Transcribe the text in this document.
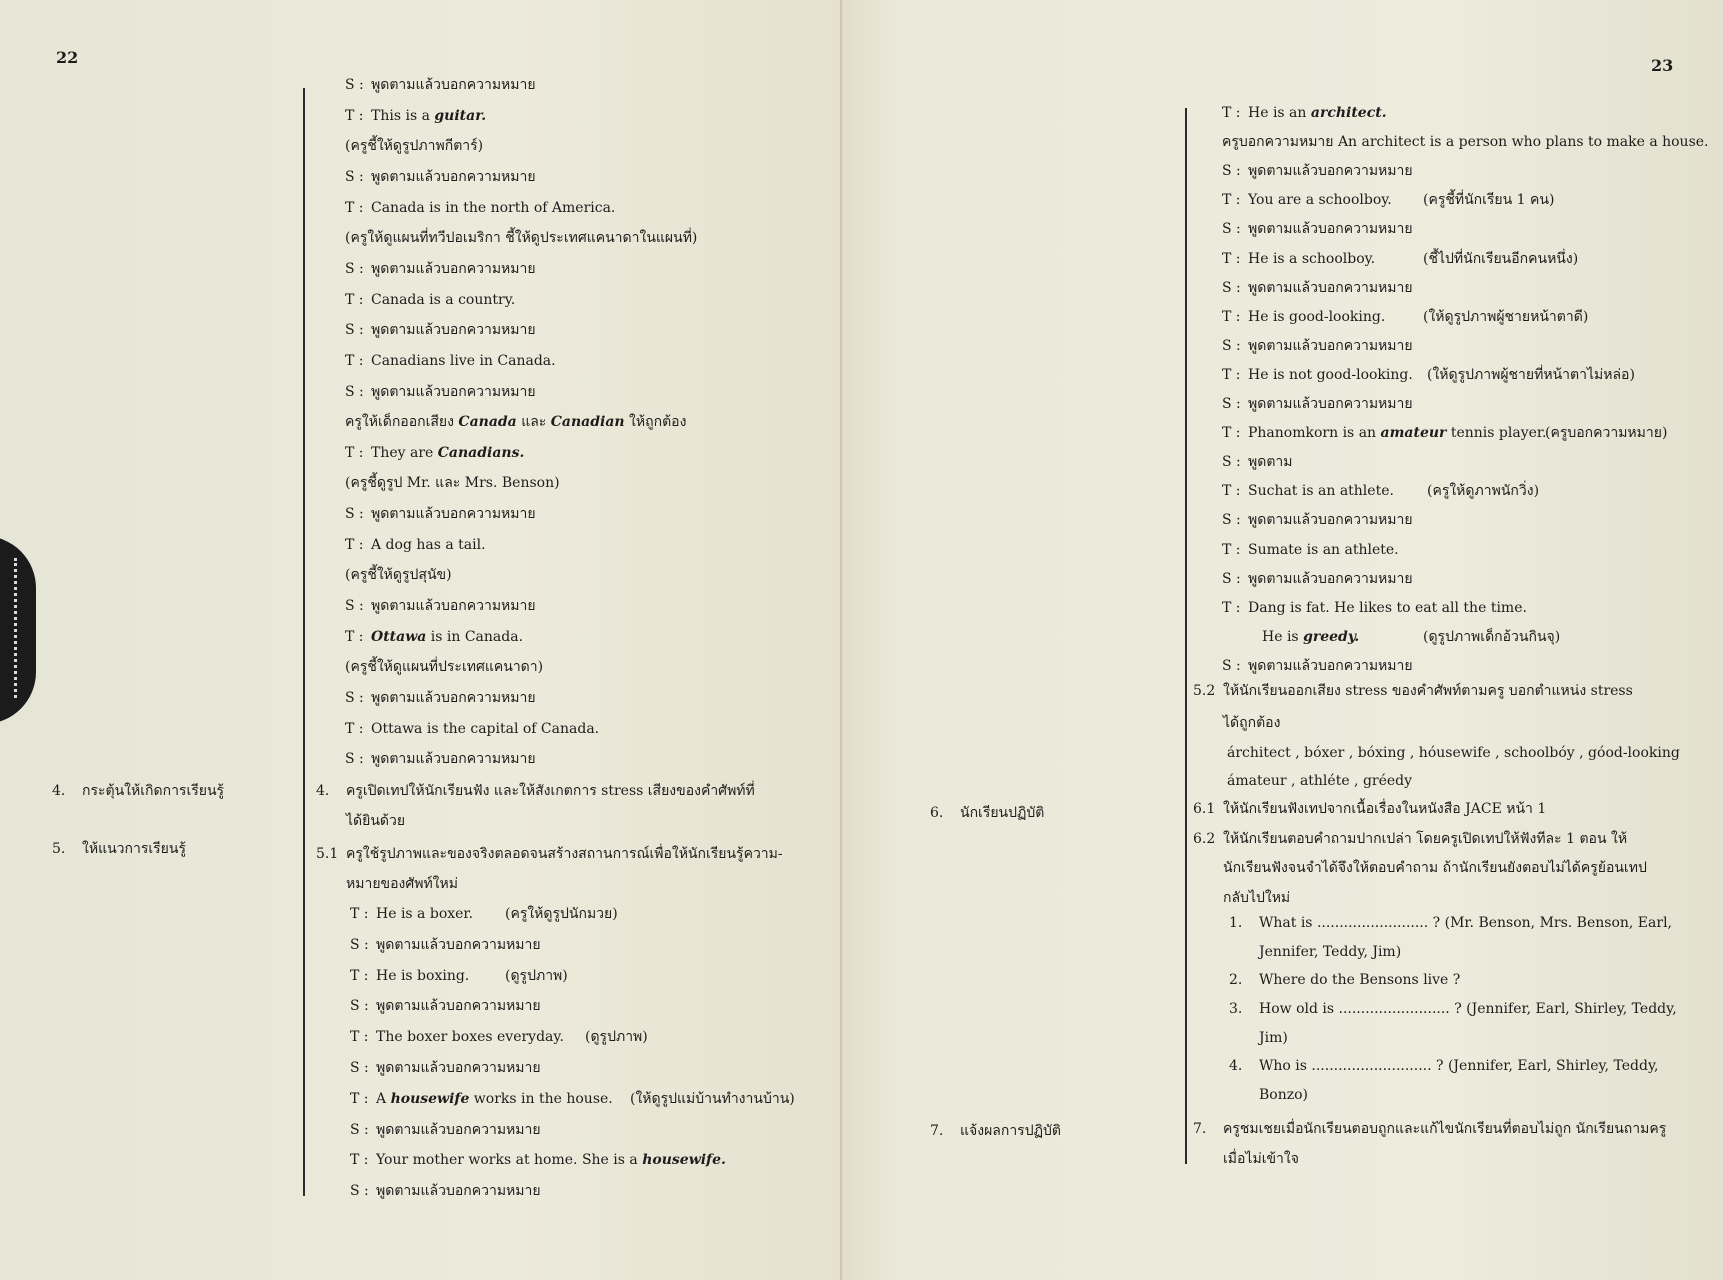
22
S : พูดตามแล้วบอกความหมาย
T : This is a guitar.
(ครูชี้ให้ดูรูปภาพกีตาร์)
S : พูดตามแล้วบอกความหมาย
T : Canada is in the north of America.
(ครูให้ดูแผนที่ทวีปอเมริกา ชี้ให้ดูประเทศแคนาดาในแผนที่)
S : พูดตามแล้วบอกความหมาย
T : Canada is a country.
S : พูดตามแล้วบอกความหมาย
T : Canadians live in Canada.
S : พูดตามแล้วบอกความหมาย
ครูให้เด็กออกเสียง Canada และ Canadian ให้ถูกต้อง
T : They are Canadians.
(ครูชี้ดูรูป Mr. และ Mrs. Benson)
S : พูดตามแล้วบอกความหมาย
T : A dog has a tail.
(ครูชี้ให้ดูรูปสุนัข)
S : พูดตามแล้วบอกความหมาย
T : Ottawa is in Canada.
(ครูชี้ให้ดูแผนที่ประเทศแคนาดา)
S : พูดตามแล้วบอกความหมาย
T : Ottawa is the capital of Canada.
S : พูดตามแล้วบอกความหมาย
4. กระตุ้นให้เกิดการเรียนรู้
5. ให้แนวการเรียนรู้
4. ครูเปิดเทปให้นักเรียนฟัง และให้สังเกตการ stress เสียงของคำศัพท์ที่
ได้ยินด้วย
5.1 ครูใช้รูปภาพและของจริงตลอดจนสร้างสถานการณ์เพื่อให้นักเรียนรู้ความ-
หมายของศัพท์ใหม่
T : He is a boxer. (ครูให้ดูรูปนักมวย)
S : พูดตามแล้วบอกความหมาย
T : He is boxing.	(ดูรูปภาพ)
S : พูดตามแล้วบอกความหมาย
T : The boxer boxes everyday. (ดูรูปภาพ)
S : พูดตามแล้วบอกความหมาย
T : A housewife works in the house. (ให้ดูรูปแม่บ้านทำงานบ้าน)
S : พูดตามแล้วบอกความหมาย
T : Your mother works at home. She is a housewife.
S : พูดตามแล้วบอกความหมาย
23
T : He is an architect.
ครูบอกความหมาย An architect is a person who plans to make a house.
S : พูดตามแล้วบอกความหมาย
T : You are a schoolboy. (ครูชี้ที่นักเรียน 1 คน)
S : พูดตามแล้วบอกความหมาย
T : He is a schoolboy.	(ชี้ไปที่นักเรียนอีกคนหนึ่ง)
S : พูดตามแล้วบอกความหมาย
T : He is good-looking.	(ให้ดูรูปภาพผู้ชายหน้าตาดี)
S : พูดตามแล้วบอกความหมาย
T : He is not good-looking. (ให้ดูรูปภาพผู้ชายที่หน้าตาไม่หล่อ)
S : พูดตามแล้วบอกความหมาย
T : Phanomkorn is an amateur tennis player.
(ครูบอกความหมาย)
S : พูดตาม
T : Suchat is an athlete. (ครูให้ดูภาพนักวิ่ง)
S : พูดตามแล้วบอกความหมาย
T : Sumate is an athlete.
S : พูดตามแล้วบอกความหมาย
T : Dang is fat. He likes to eat all the time.
He is greedy.	(ดูรูปภาพเด็กอ้วนกินจุ)
S : พูดตามแล้วบอกความหมาย
5.2 ให้นักเรียนออกเสียง stress ของคำศัพท์ตามครู บอกตำแหน่ง stress
ได้ถูกต้อง
árchitect , bóxer , bóxing , hóusewife , schoolbóy , góod-looking
ámateur , athléte , gréedy
6. นักเรียนปฏิบัติ
7. แจ้งผลการปฏิบัติ
6.1 ให้นักเรียนฟังเทปจากเนื้อเรื่องในหนังสือ JACE หน้า 1
6.2 ให้นักเรียนตอบคำถามปากเปล่า โดยครูเปิดเทปให้ฟังทีละ 1 ตอน ให้
นักเรียนฟังจนจำได้จึงให้ตอบคำถาม ถ้านักเรียนยังตอบไม่ได้ครูย้อนเทป
กลับไปใหม่
1. What is ......................... ? (Mr. Benson, Mrs. Benson, Earl,
Jennifer, Teddy, Jim)
2. Where do the Bensons live ?
3. How old is ......................... ? (Jennifer, Earl, Shirley, Teddy,
Jim)
4. Who is ........................... ? (Jennifer, Earl, Shirley, Teddy,
Bonzo)
7. ครูชมเชยเมื่อนักเรียนตอบถูกและแก้ไขนักเรียนที่ตอบไม่ถูก นักเรียนถามครู
เมื่อไม่เข้าใจ
